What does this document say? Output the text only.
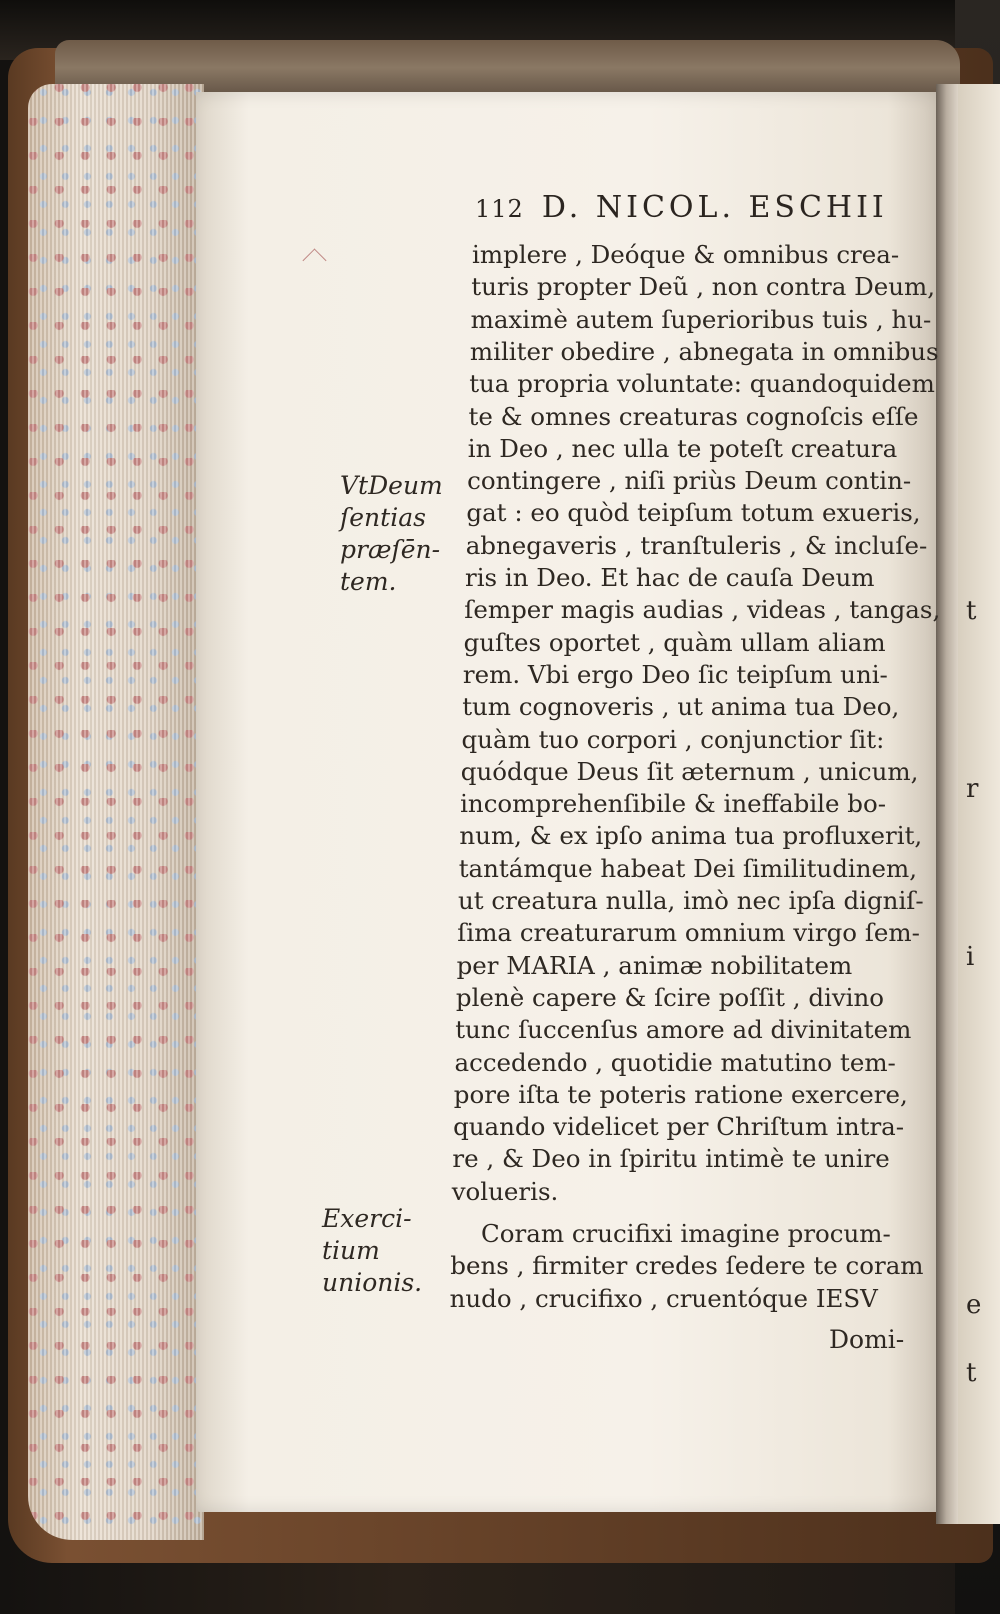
t
r
i
e
t
112 D. NICOL. ESCHII
implere , Deóque & omnibus crea-
turis propter Deũ , non contra Deum,
maximè autem ſuperioribus tuis , hu-
militer obedire , abnegata in omnibus
tua propria voluntate: quandoquidem
te & omnes creaturas cognoſcis eſſe
in Deo , nec ulla te poteſt creatura
contingere , niſi priùs Deum contin-
gat : eo quòd teipſum totum exueris,
abnegaveris , tranſtuleris , & incluſe-
ris in Deo. Et hac de cauſa Deum
ſemper magis audias , videas , tangas,
guſtes oportet , quàm ullam aliam
rem. Vbi ergo Deo ſic teipſum uni-
tum cognoveris , ut anima tua Deo,
quàm tuo corpori , conjunctior ſit:
quódque Deus ſit æternum , unicum,
incomprehenſibile & ineffabile bo-
num, & ex ipſo anima tua profluxerit,
tantámque habeat Dei ſimilitudinem,
ut creatura nulla, imò nec ipſa digniſ-
ſima creaturarum omnium virgo ſem-
per MARIA , animæ nobilitatem
plenè capere & ſcire poſſit , divino
tunc ſuccenſus amore ad divinitatem
accedendo , quotidie matutino tem-
pore iſta te poteris ratione exercere,
quando videlicet per Chriſtum intra-
re , & Deo in ſpiritu intimè te unire
volueris.
Coram crucifixi imagine procum-
bens , firmiter credes ſedere te coram
nudo , crucifixo , cruentóque IESV
VtDeum
ſentias
præſēn-
tem.
Exerci-
tium
unionis.
Domi-
